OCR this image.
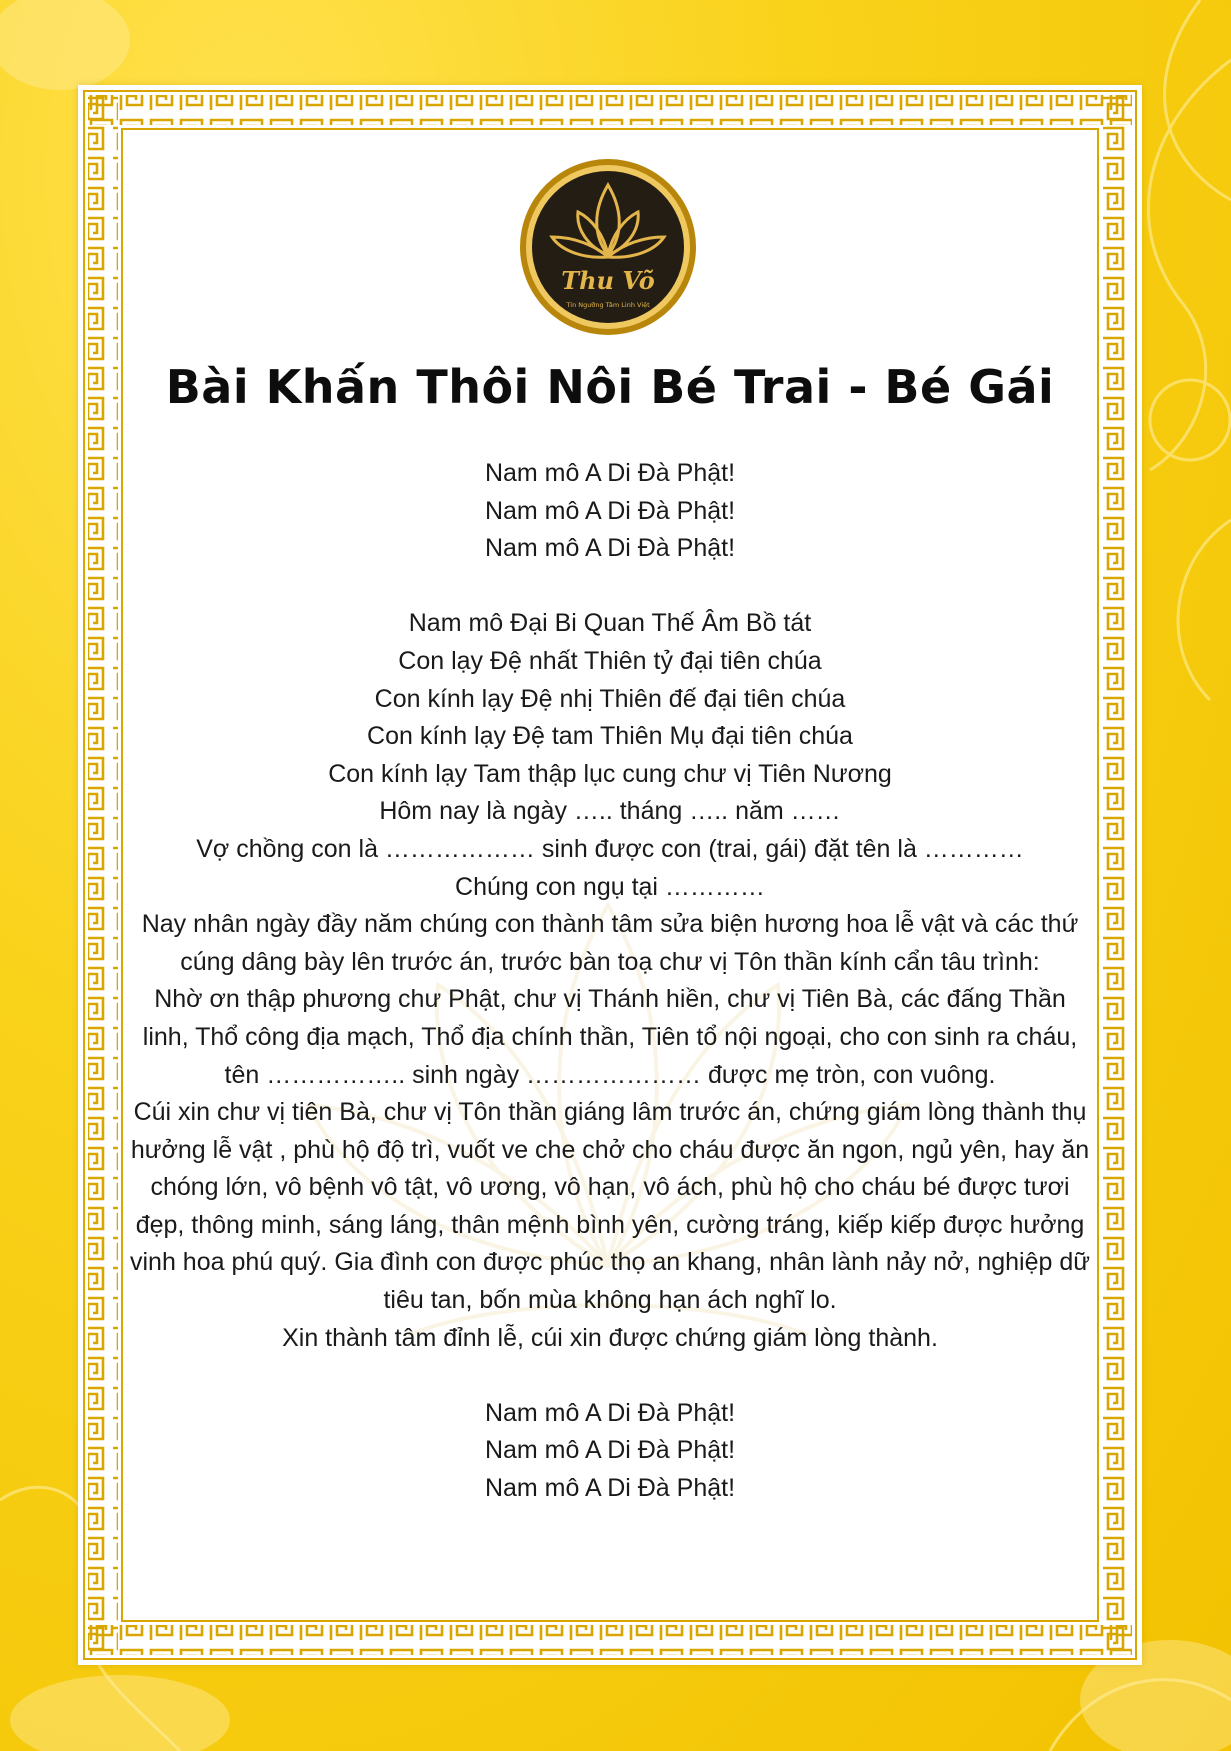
Thu Võ
Tín Ngưỡng Tâm Linh Việt
Bài Khấn Thôi Nôi Bé Trai - Bé Gái

Nam mô A Di Đà Phật!

Nam mô A Di Đà Phật!

Nam mô A Di Đà Phật!

Nam mô Đại Bi Quan Thế Âm Bồ tát

Con lạy Đệ nhất Thiên tỷ đại tiên chúa

Con kính lạy Đệ nhị Thiên đế đại tiên chúa

Con kính lạy Đệ tam Thiên Mụ đại tiên chúa

Con kính lạy Tam thập lục cung chư vị Tiên Nương

Hôm nay là ngày ….. tháng ….. năm ……

Vợ chồng con là ……………… sinh được con (trai, gái) đặt tên là …………

Chúng con ngụ tại …………

Nay nhân ngày đầy năm chúng con thành tâm sửa biện hương hoa lễ vật và các thứ cúng dâng bày lên trước án, trước bàn toạ chư vị Tôn thần kính cẩn tâu trình:

Nhờ ơn thập phương chư Phật, chư vị Thánh hiền, chư vị Tiên Bà, các đấng Thần linh, Thổ công địa mạch, Thổ địa chính thần, Tiên tổ nội ngoại, cho con sinh ra cháu, tên …………….. sinh ngày ………………… được mẹ tròn, con vuông.

Cúi xin chư vị tiên Bà, chư vị Tôn thần giáng lâm trước án, chứng giám lòng thành thụ hưởng lễ vật , phù hộ độ trì, vuốt ve che chở cho cháu được ăn ngon, ngủ yên, hay ăn chóng lớn, vô bệnh vô tật, vô ương, vô hạn, vô ách, phù hộ cho cháu bé được tươi đẹp, thông minh, sáng láng, thân mệnh bình yên, cường tráng, kiếp kiếp được hưởng vinh hoa phú quý. Gia đình con được phúc thọ an khang, nhân lành nảy nở, nghiệp dữ tiêu tan, bốn mùa không hạn ách nghĩ lo.

Xin thành tâm đỉnh lễ, cúi xin được chứng giám lòng thành.

Nam mô A Di Đà Phật!

Nam mô A Di Đà Phật!

Nam mô A Di Đà Phật!
